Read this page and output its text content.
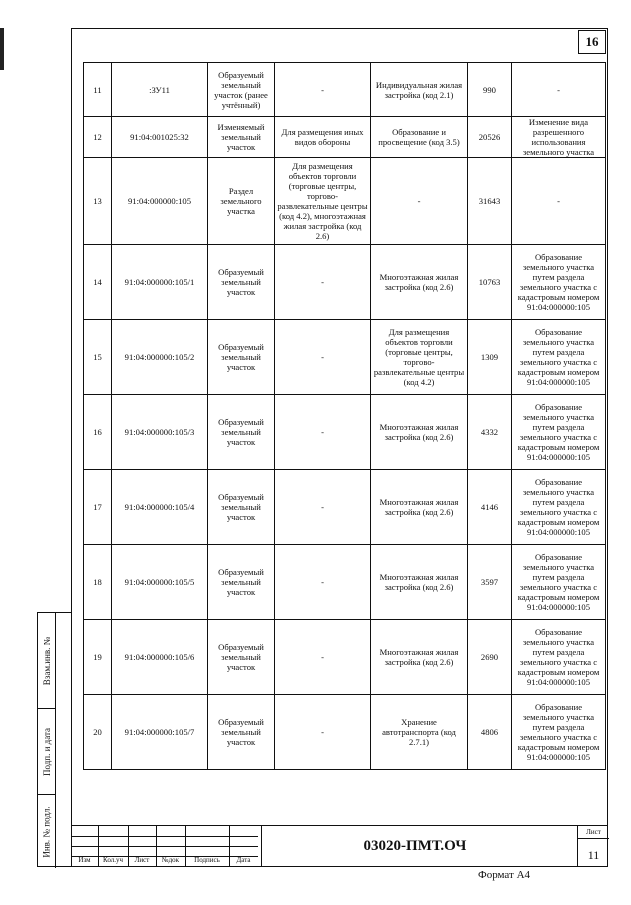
16
11	:ЗУ11	Образуемый земельный участок (ранее учтённый)	-	Индивидуальная жилая застройка (код 2.1)	990	-
12	91:04:001025:32	Изменяемый земельный участок	Для размещения иных видов обороны	Образование и просвещение (код 3.5)	20526	Изменение вида разрешенного использования земельного участка
13	91:04:000000:105	Раздел земельного участка	Для размещения объектов торговли (торговые центры, торгово-развлекательные центры (код 4.2), многоэтажная жилая застройка (код 2.6)	-	31643	-
14	91:04:000000:105/1	Образуемый земельный участок	-	Многоэтажная жилая застройка (код 2.6)	10763	Образование земельного участка путем раздела земельного участка с кадастровым номером 91:04:000000:105
15	91:04:000000:105/2	Образуемый земельный участок	-	Для размещения объектов торговли (торговые центры, торгово-развлекательные центры (код 4.2)	1309	Образование земельного участка путем раздела земельного участка с кадастровым номером 91:04:000000:105
16	91:04:000000:105/3	Образуемый земельный участок	-	Многоэтажная жилая застройка (код 2.6)	4332	Образование земельного участка путем раздела земельного участка с кадастровым номером 91:04:000000:105
17	91:04:000000:105/4	Образуемый земельный участок	-	Многоэтажная жилая застройка (код 2.6)	4146	Образование земельного участка путем раздела земельного участка с кадастровым номером 91:04:000000:105
18	91:04:000000:105/5	Образуемый земельный участок	-	Многоэтажная жилая застройка (код 2.6)	3597	Образование земельного участка путем раздела земельного участка с кадастровым номером 91:04:000000:105
19	91:04:000000:105/6	Образуемый земельный участок	-	Многоэтажная жилая застройка (код 2.6)	2690	Образование земельного участка путем раздела земельного участка с кадастровым номером 91:04:000000:105
20	91:04:000000:105/7	Образуемый земельный участок	-	Хранение автотранспорта (код 2.7.1)	4806	Образование земельного участка путем раздела земельного участка с кадастровым номером 91:04:000000:105
Взам.инв. №
Подп. и дата
Инв. № подл.
Изм	Кол.уч	Лист	№док	Подпись	Дата
03020-ПМТ.ОЧ
Лист
11
Формат А4
